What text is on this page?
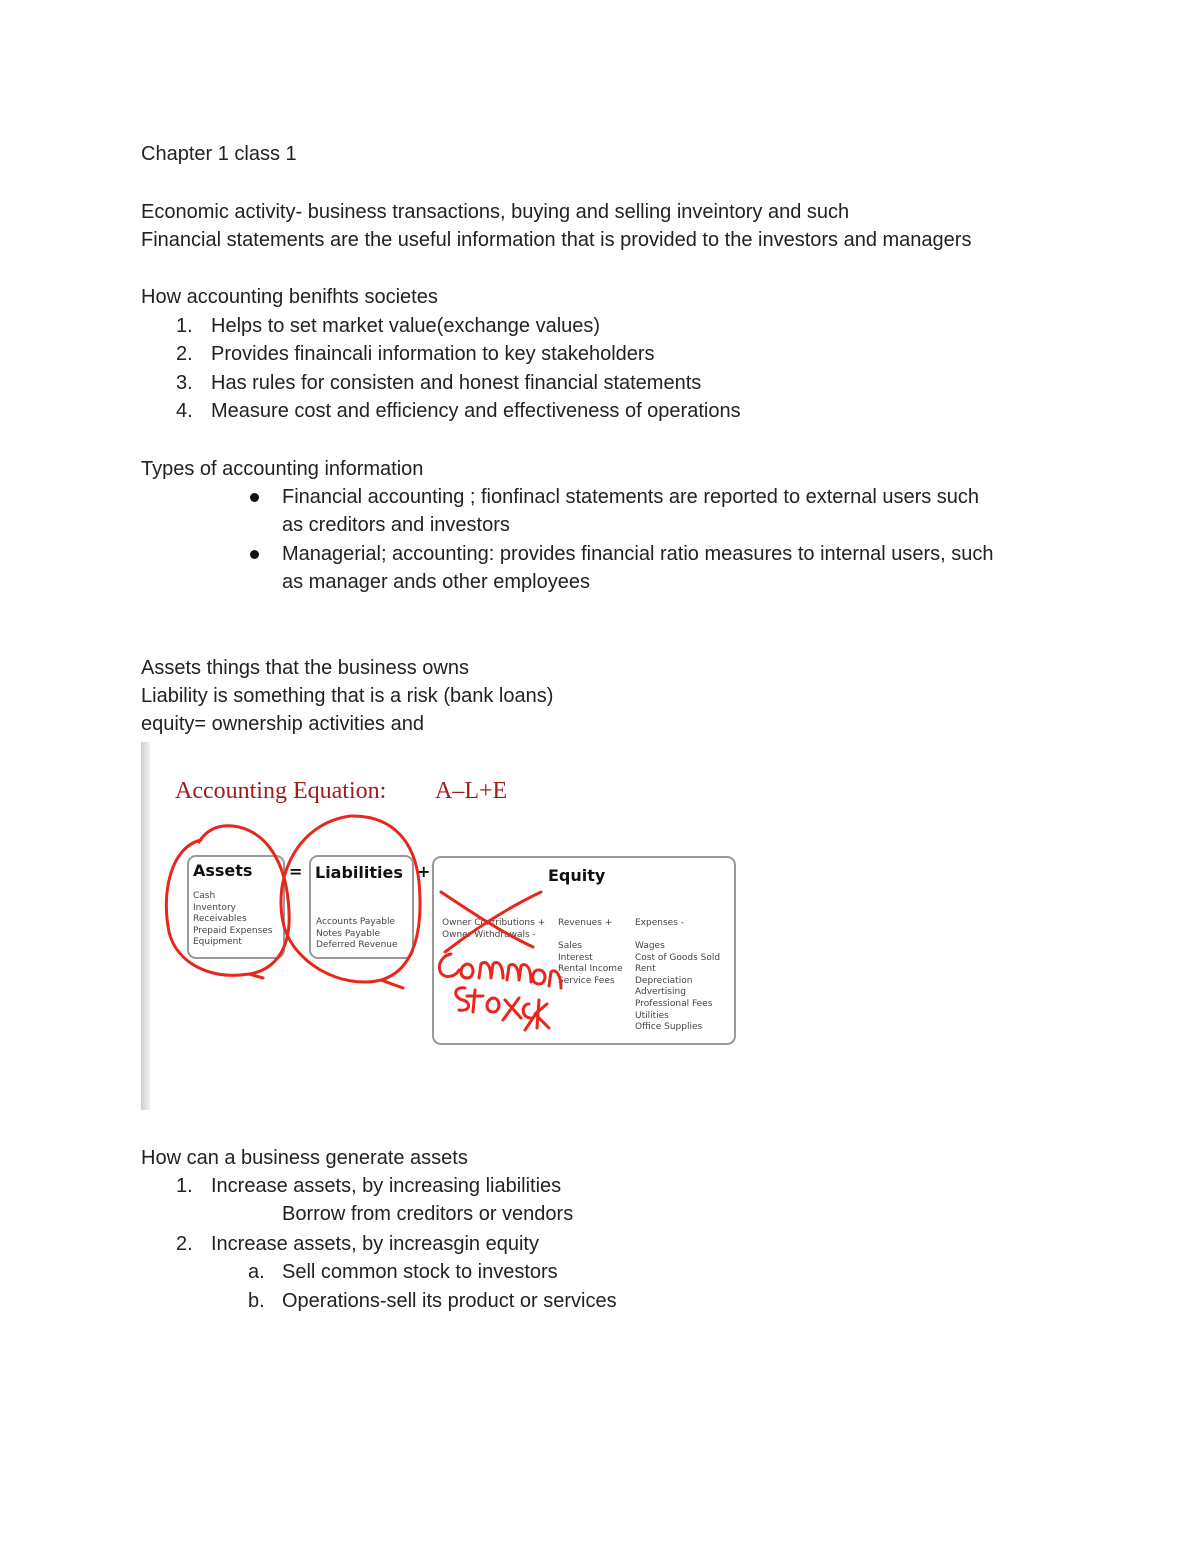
Chapter 1 class 1
Economic activity- business transactions, buying and selling inveintory and such
Financial statements are the useful information that is provided to the investors and managers
How accounting benifhts societes
1. Helps to set market value(exchange values)
2. Provides finaincali information to key stakeholders
3. Has rules for consisten and honest financial statements
4. Measure cost and efficiency and effectiveness of operations
Types of accounting information
Financial accounting ; fionfinacl statements are reported to external users such
as creditors and investors
Managerial; accounting: provides financial ratio measures to internal users, such
as manager ands other employees
Assets things that the business owns
Liability is something that is a risk (bank loans)
equity= ownership activities and
Accounting Equation: A–L+E
Assets
Cash
Inventory
Receivables
Prepaid Expenses
Equipment
= Liabilities
Accounts Payable
Notes Payable
Deferred Revenue
+	Equity
Owner Contributions +
Owner Withdrawals -
Revenues +
Sales
Interest
Rental Income
Service Fees
Expenses -
Wages
Cost of Goods Sold
Rent
Depreciation
Advertising
Professional Fees
Utilities
Office Supplies
How can a business generate assets
1. Increase assets, by increasing liabilities
Borrow from creditors or vendors
2. Increase assets, by increasgin equity
a. Sell common stock to investors
b. Operations-sell its product or services
